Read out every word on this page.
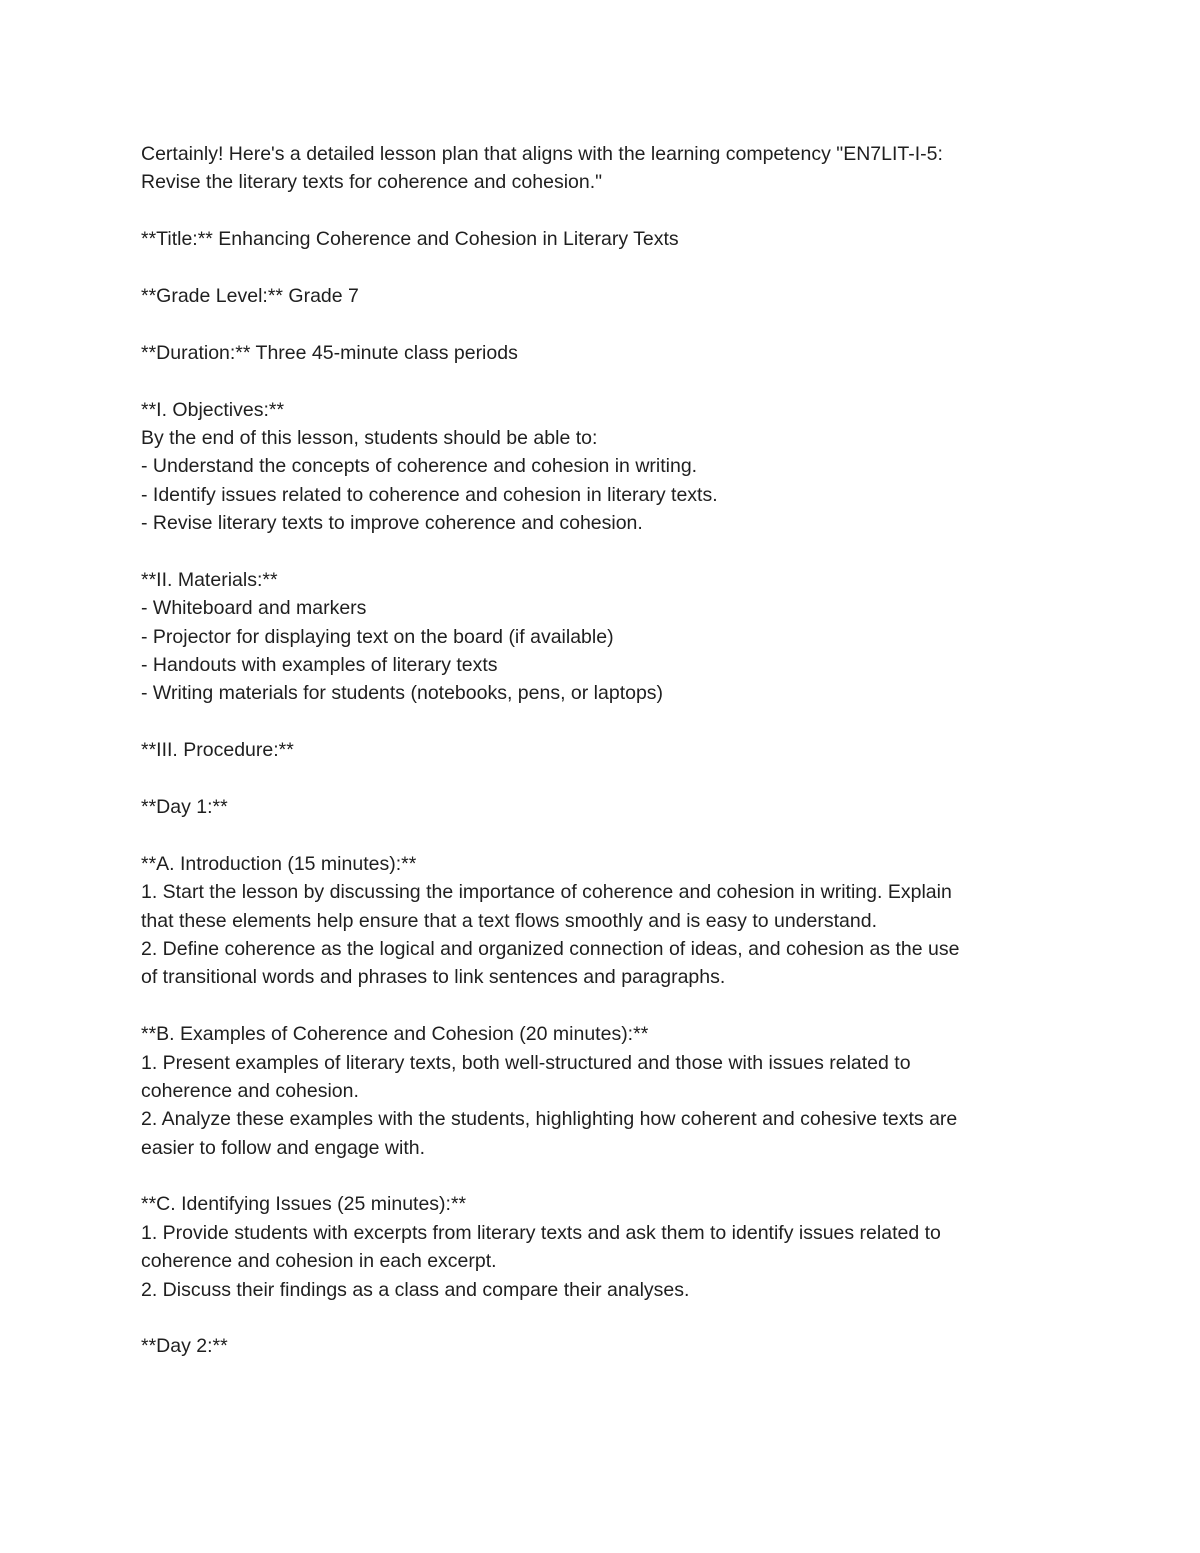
Certainly! Here's a detailed lesson plan that aligns with the learning competency "EN7LIT-I-5:
Revise the literary texts for coherence and cohesion."
**Title:** Enhancing Coherence and Cohesion in Literary Texts
**Grade Level:** Grade 7
**Duration:** Three 45-minute class periods
**I. Objectives:**
By the end of this lesson, students should be able to:
- Understand the concepts of coherence and cohesion in writing.
- Identify issues related to coherence and cohesion in literary texts.
- Revise literary texts to improve coherence and cohesion.
**II. Materials:**
- Whiteboard and markers
- Projector for displaying text on the board (if available)
- Handouts with examples of literary texts
- Writing materials for students (notebooks, pens, or laptops)
**III. Procedure:**
**Day 1:**
**A. Introduction (15 minutes):**
1. Start the lesson by discussing the importance of coherence and cohesion in writing. Explain
that these elements help ensure that a text flows smoothly and is easy to understand.
2. Define coherence as the logical and organized connection of ideas, and cohesion as the use
of transitional words and phrases to link sentences and paragraphs.
**B. Examples of Coherence and Cohesion (20 minutes):**
1. Present examples of literary texts, both well-structured and those with issues related to
coherence and cohesion.
2. Analyze these examples with the students, highlighting how coherent and cohesive texts are
easier to follow and engage with.
**C. Identifying Issues (25 minutes):**
1. Provide students with excerpts from literary texts and ask them to identify issues related to
coherence and cohesion in each excerpt.
2. Discuss their findings as a class and compare their analyses.
**Day 2:**
